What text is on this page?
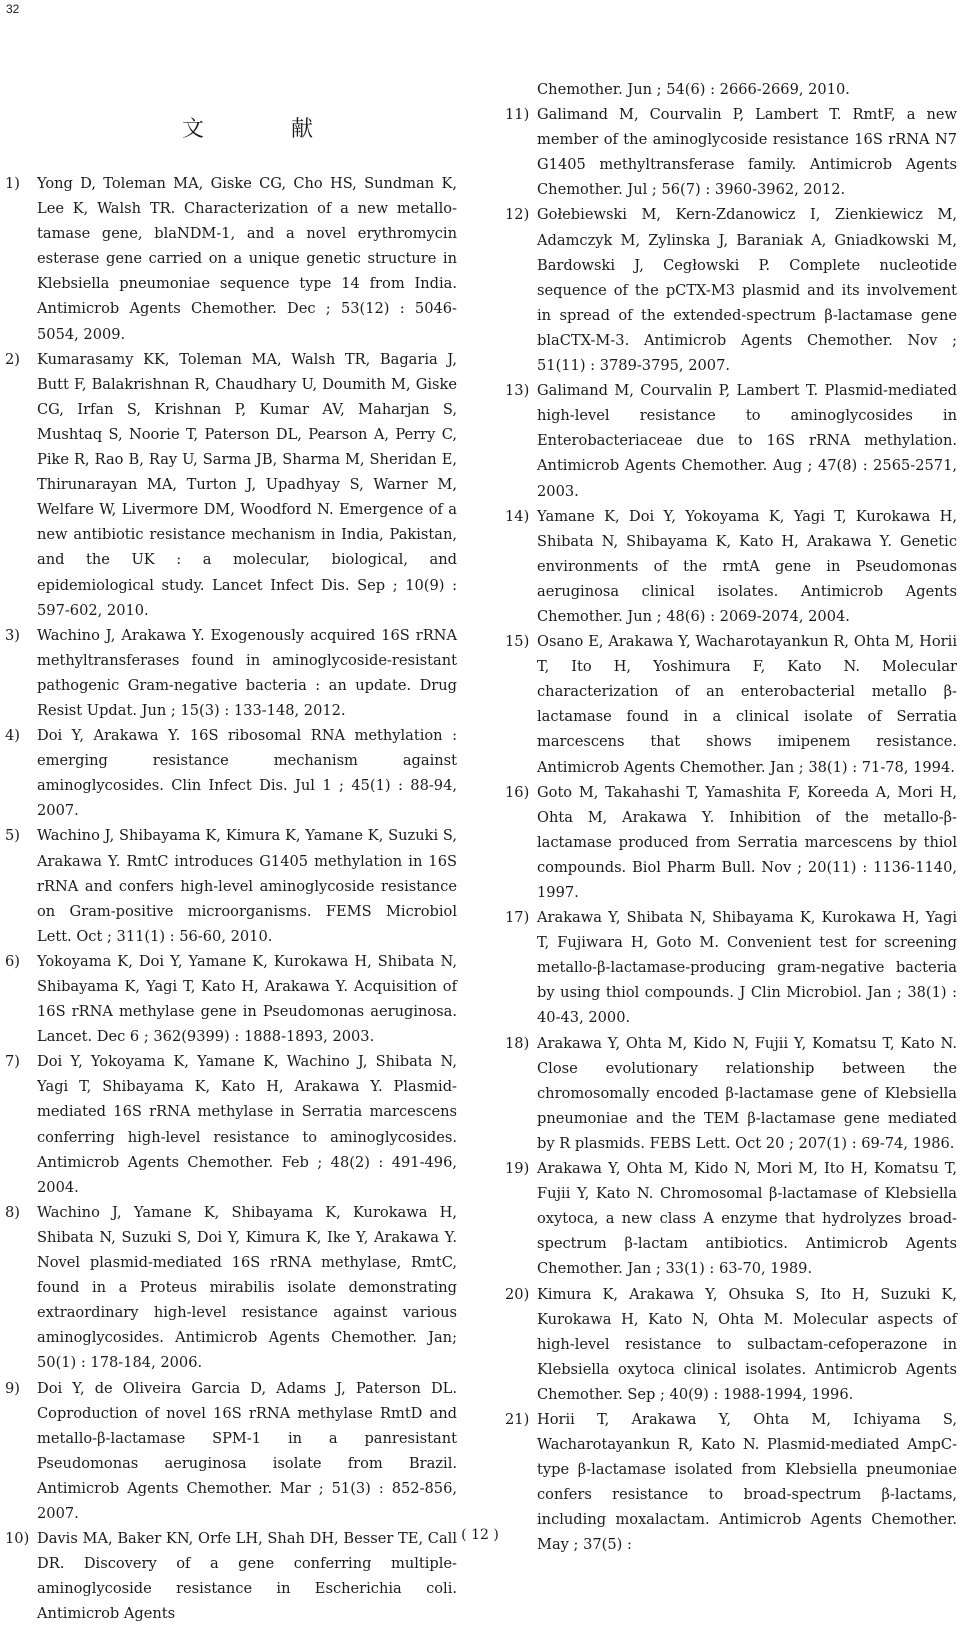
32
文 献
1)	Yong D, Toleman MA, Giske CG, Cho HS, Sundman K, Lee K, Walsh TR. Characterization of a new metallo-tamase gene, blaNDM-1, and a novel erythromycin esterase gene carried on a unique genetic structure in Klebsiella pneumoniae sequence type 14 from India. Antimicrob Agents Chemother. Dec ; 53(12) : 5046-5054, 2009.
2)	Kumarasamy KK, Toleman MA, Walsh TR, Bagaria J, Butt F, Balakrishnan R, Chaudhary U, Doumith M, Giske CG, Irfan S, Krishnan P, Kumar AV, Maharjan S, Mushtaq S, Noorie T, Paterson DL, Pearson A, Perry C, Pike R, Rao B, Ray U, Sarma JB, Sharma M, Sheridan E, Thirunarayan MA, Turton J, Upadhyay S, Warner M, Welfare W, Livermore DM, Woodford N. Emergence of a new antibiotic resistance mechanism in India, Pakistan, and the UK : a molecular, biological, and epidemiological study. Lancet Infect Dis. Sep ; 10(9) : 597-602, 2010.
3)	Wachino J, Arakawa Y. Exogenously acquired 16S rRNA methyltransferases found in aminoglycoside-resistant pathogenic Gram-negative bacteria : an update. Drug Resist Updat. Jun ; 15(3) : 133-148, 2012.
4)	Doi Y, Arakawa Y. 16S ribosomal RNA methylation : emerging resistance mechanism against aminoglycosides. Clin Infect Dis. Jul 1 ; 45(1) : 88-94, 2007.
5)	Wachino J, Shibayama K, Kimura K, Yamane K, Suzuki S, Arakawa Y. RmtC introduces G1405 methylation in 16S rRNA and confers high-level aminoglycoside resistance on Gram-positive microorganisms. FEMS Microbiol Lett. Oct ; 311(1) : 56-60, 2010.
6)	Yokoyama K, Doi Y, Yamane K, Kurokawa H, Shibata N, Shibayama K, Yagi T, Kato H, Arakawa Y. Acquisition of 16S rRNA methylase gene in Pseudomonas aeruginosa. Lancet. Dec 6 ; 362(9399) : 1888-1893, 2003.
7)	Doi Y, Yokoyama K, Yamane K, Wachino J, Shibata N, Yagi T, Shibayama K, Kato H, Arakawa Y. Plasmid-mediated 16S rRNA methylase in Serratia marcescens conferring high-level resistance to aminoglycosides. Antimicrob Agents Chemother. Feb ; 48(2) : 491-496, 2004.
8)	Wachino J, Yamane K, Shibayama K, Kurokawa H, Shibata N, Suzuki S, Doi Y, Kimura K, Ike Y, Arakawa Y. Novel plasmid-mediated 16S rRNA methylase, RmtC, found in a Proteus mirabilis isolate demonstrating extraordinary high-level resistance against various aminoglycosides. Antimicrob Agents Chemother. Jan; 50(1) : 178-184, 2006.
9)	Doi Y, de Oliveira Garcia D, Adams J, Paterson DL. Coproduction of novel 16S rRNA methylase RmtD and metallo-β-lactamase SPM-1 in a panresistant Pseudomonas aeruginosa isolate from Brazil. Antimicrob Agents Chemother. Mar ; 51(3) : 852-856, 2007.
10) Davis MA, Baker KN, Orfe LH, Shah DH, Besser TE, Call DR. Discovery of a gene conferring multiple-aminoglycoside resistance in Escherichia coli. Antimicrob Agents
Chemother. Jun ; 54(6) : 2666-2669, 2010.
11) Galimand M, Courvalin P, Lambert T. RmtF, a new member of the aminoglycoside resistance 16S rRNA N7 G1405 methyltransferase family. Antimicrob Agents Chemother. Jul ; 56(7) : 3960-3962, 2012.
12) Gołebiewski M, Kern-Zdanowicz I, Zienkiewicz M, Adamczyk M, Zylinska J, Baraniak A, Gniadkowski M, Bardowski J, Cegłowski P. Complete nucleotide sequence of the pCTX-M3 plasmid and its involvement in spread of the extended-spectrum β-lactamase gene blaCTX-M-3. Antimicrob Agents Chemother. Nov ; 51(11) : 3789-3795, 2007.
13) Galimand M, Courvalin P, Lambert T. Plasmid-mediated high-level resistance to aminoglycosides in Enterobacteriaceae due to 16S rRNA methylation. Antimicrob Agents Chemother. Aug ; 47(8) : 2565-2571, 2003.
14) Yamane K, Doi Y, Yokoyama K, Yagi T, Kurokawa H, Shibata N, Shibayama K, Kato H, Arakawa Y. Genetic environments of the rmtA gene in Pseudomonas aeruginosa clinical isolates. Antimicrob Agents Chemother. Jun ; 48(6) : 2069-2074, 2004.
15) Osano E, Arakawa Y, Wacharotayankun R, Ohta M, Horii T, Ito H, Yoshimura F, Kato N. Molecular characterization of an enterobacterial metallo β-lactamase found in a clinical isolate of Serratia marcescens that shows imipenem resistance. Antimicrob Agents Chemother. Jan ; 38(1) : 71-78, 1994.
16) Goto M, Takahashi T, Yamashita F, Koreeda A, Mori H, Ohta M, Arakawa Y. Inhibition of the metallo-β-lactamase produced from Serratia marcescens by thiol compounds. Biol Pharm Bull. Nov ; 20(11) : 1136-1140, 1997.
17) Arakawa Y, Shibata N, Shibayama K, Kurokawa H, Yagi T, Fujiwara H, Goto M. Convenient test for screening metallo-β-lactamase-producing gram-negative bacteria by using thiol compounds. J Clin Microbiol. Jan ; 38(1) : 40-43, 2000.
18) Arakawa Y, Ohta M, Kido N, Fujii Y, Komatsu T, Kato N. Close evolutionary relationship between the chromosomally encoded β-lactamase gene of Klebsiella pneumoniae and the TEM β-lactamase gene mediated by R plasmids. FEBS Lett. Oct 20 ; 207(1) : 69-74, 1986.
19) Arakawa Y, Ohta M, Kido N, Mori M, Ito H, Komatsu T, Fujii Y, Kato N. Chromosomal β-lactamase of Klebsiella oxytoca, a new class A enzyme that hydrolyzes broad-spectrum β-lactam antibiotics. Antimicrob Agents Chemother. Jan ; 33(1) : 63-70, 1989.
20) Kimura K, Arakawa Y, Ohsuka S, Ito H, Suzuki K, Kurokawa H, Kato N, Ohta M. Molecular aspects of high-level resistance to sulbactam-cefoperazone in Klebsiella oxytoca clinical isolates. Antimicrob Agents Chemother. Sep ; 40(9) : 1988-1994, 1996.
21) Horii T, Arakawa Y, Ohta M, Ichiyama S, Wacharotayankun R, Kato N. Plasmid-mediated AmpC-type β-lactamase isolated from Klebsiella pneumoniae confers resistance to broad-spectrum β-lactams, including moxalactam. Antimicrob Agents Chemother. May ; 37(5) :
( 12 )
